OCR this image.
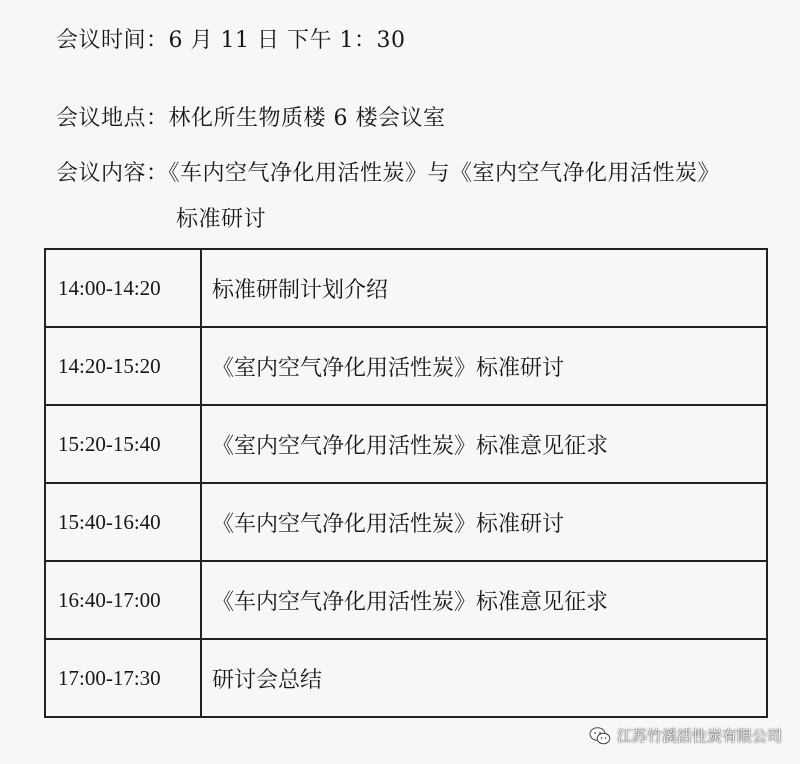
会议时间：6 月 11 日 下午 1：30
会议地点：林化所生物质楼 6 楼会议室
会议内容：《车内空气净化用活性炭》与《室内空气净化用活性炭》
标准研讨
14:00-14:20	标准研制计划介绍
14:20-15:20	《室内空气净化用活性炭》标准研讨
15:20-15:40	《室内空气净化用活性炭》标准意见征求
15:40-16:40	《车内空气净化用活性炭》标准研讨
16:40-17:00	《车内空气净化用活性炭》标准意见征求
17:00-17:30	研讨会总结
江苏竹溪活性炭有限公司
